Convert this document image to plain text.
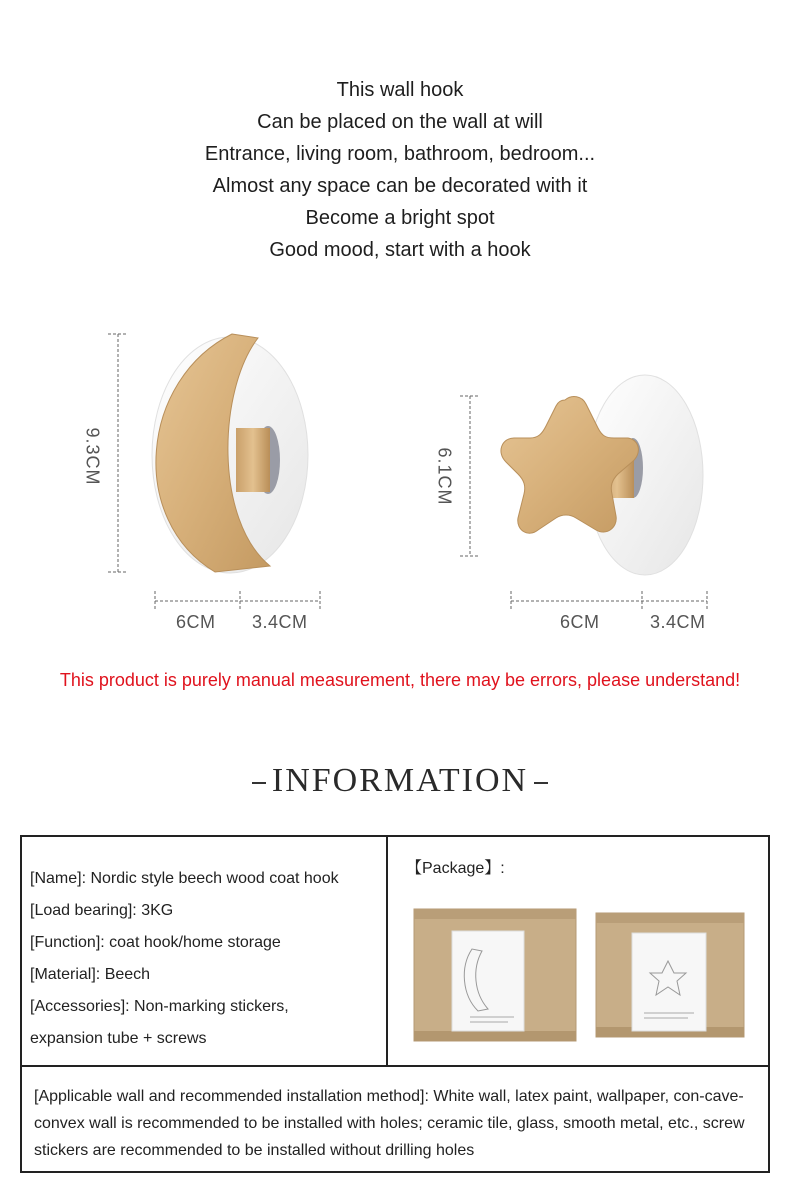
This wall hook
Can be placed on the wall at will
Entrance, living room, bathroom, bedroom...
Almost any space can be decorated with it
Become a bright spot
Good mood, start with a hook
9.3CM
6CM 3.4CM
6.1CM
6CM	3.4CM
This product is purely manual measurement, there may be errors, please understand!
INFORMATION
[Name]: Nordic style beech wood coat hook
[Load bearing]: 3KG
[Function]: coat hook/home storage
[Material]: Beech
[Accessories]: Non-marking stickers,
expansion tube + screws
【Package】:
[Applicable wall and recommended installation method]: White wall, latex paint, wallpaper, con-cave-convex wall is recommended to be installed with holes; ceramic tile, glass, smooth metal, etc., screw stickers are recommended to be installed without drilling holes
